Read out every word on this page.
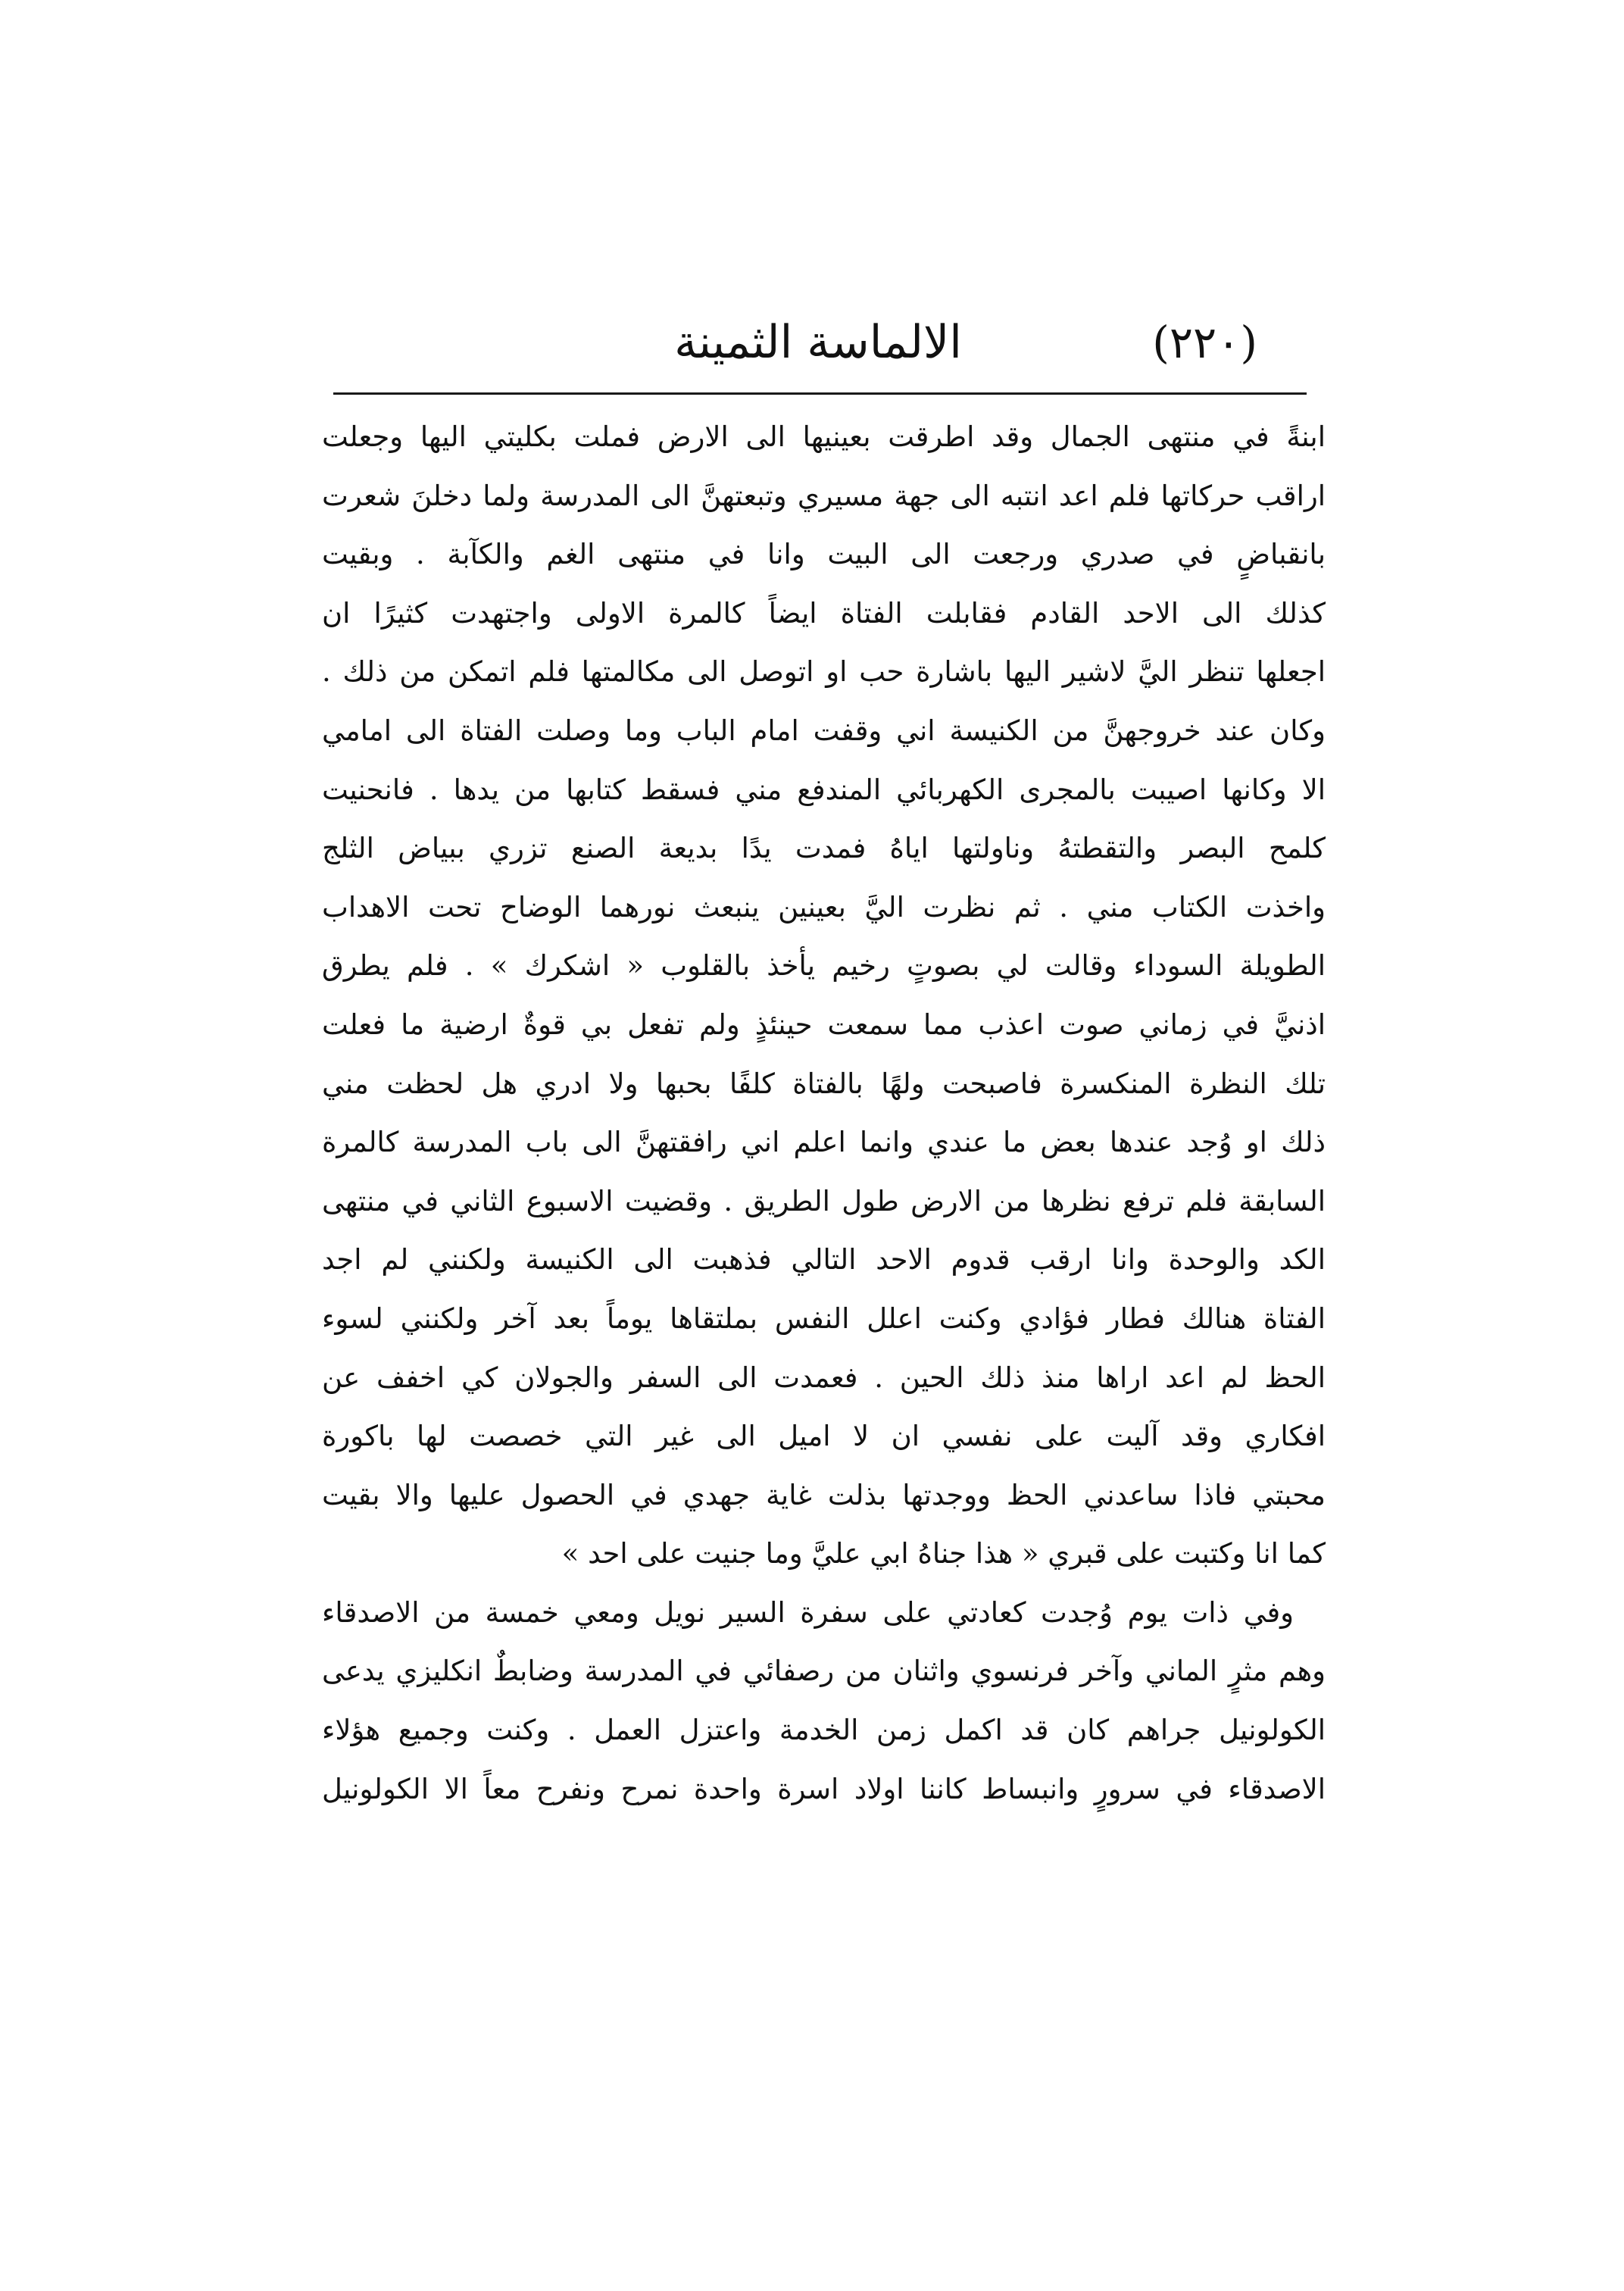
(٢٢٠)
الالماسة الثمينة
ابنةً في منتهى الجمال وقد اطرقت بعينيها الى الارض فملت بكليتي اليها وجعلت
اراقب حركاتها فلم اعد انتبه الى جهة مسيري وتبعتهنَّ الى المدرسة ولما دخلنَ شعرت
بانقباضٍ في صدري ورجعت الى البيت وانا في منتهى الغم والكآبة . وبقيت
كذلك الى الاحد القادم فقابلت الفتاة ايضاً كالمرة الاولى واجتهدت كثيرًا ان
اجعلها تنظر اليَّ لاشير اليها باشارة حب او اتوصل الى مكالمتها فلم اتمكن من ذلك .
وكان عند خروجهنَّ من الكنيسة اني وقفت امام الباب وما وصلت الفتاة الى امامي
الا وكانها اصيبت بالمجرى الكهربائي المندفع مني فسقط كتابها من يدها . فانحنيت
كلمح البصر والتقطتهُ وناولتها اياهُ فمدت يدًا بديعة الصنع تزري ببياض الثلج
واخذت الكتاب مني . ثم نظرت اليَّ بعينين ينبعث نورهما الوضاح تحت الاهداب
الطويلة السوداء وقالت لي بصوتٍ رخيم يأخذ بالقلوب « اشكرك » . فلم يطرق
اذنيَّ في زماني صوت اعذب مما سمعت حينئذٍ ولم تفعل بي قوةٌ ارضية ما فعلت
تلك النظرة المنكسرة فاصبحت ولهًا بالفتاة كلفًا بحبها ولا ادري هل لحظت مني
ذلك او وُجد عندها بعض ما عندي وانما اعلم اني رافقتهنَّ الى باب المدرسة كالمرة
السابقة فلم ترفع نظرها من الارض طول الطريق . وقضيت الاسبوع الثاني في منتهى
الكد والوحدة وانا ارقب قدوم الاحد التالي فذهبت الى الكنيسة ولكنني لم اجد
الفتاة هنالك فطار فؤادي وكنت اعلل النفس بملتقاها يوماً بعد آخر ولكنني لسوء
الحظ لم اعد اراها منذ ذلك الحين . فعمدت الى السفر والجولان كي اخفف عن
افكاري وقد آليت على نفسي ان لا اميل الى غير التي خصصت لها باكورة
محبتي فاذا ساعدني الحظ ووجدتها بذلت غاية جهدي في الحصول عليها والا بقيت
كما انا وكتبت على قبري « هذا جناهُ ابي عليَّ وما جنيت على احد »
وفي ذات يوم وُجدت كعادتي على سفرة السير نويل ومعي خمسة من الاصدقاء
وهم مثرٍ الماني وآخر فرنسوي واثنان من رصفائي في المدرسة وضابطٌ انكليزي يدعى
الكولونيل جراهم كان قد اكمل زمن الخدمة واعتزل العمل . وكنت وجميع هؤلاء
الاصدقاء في سرورٍ وانبساط كاننا اولاد اسرة واحدة نمرح ونفرح معاً الا الكولونيل
